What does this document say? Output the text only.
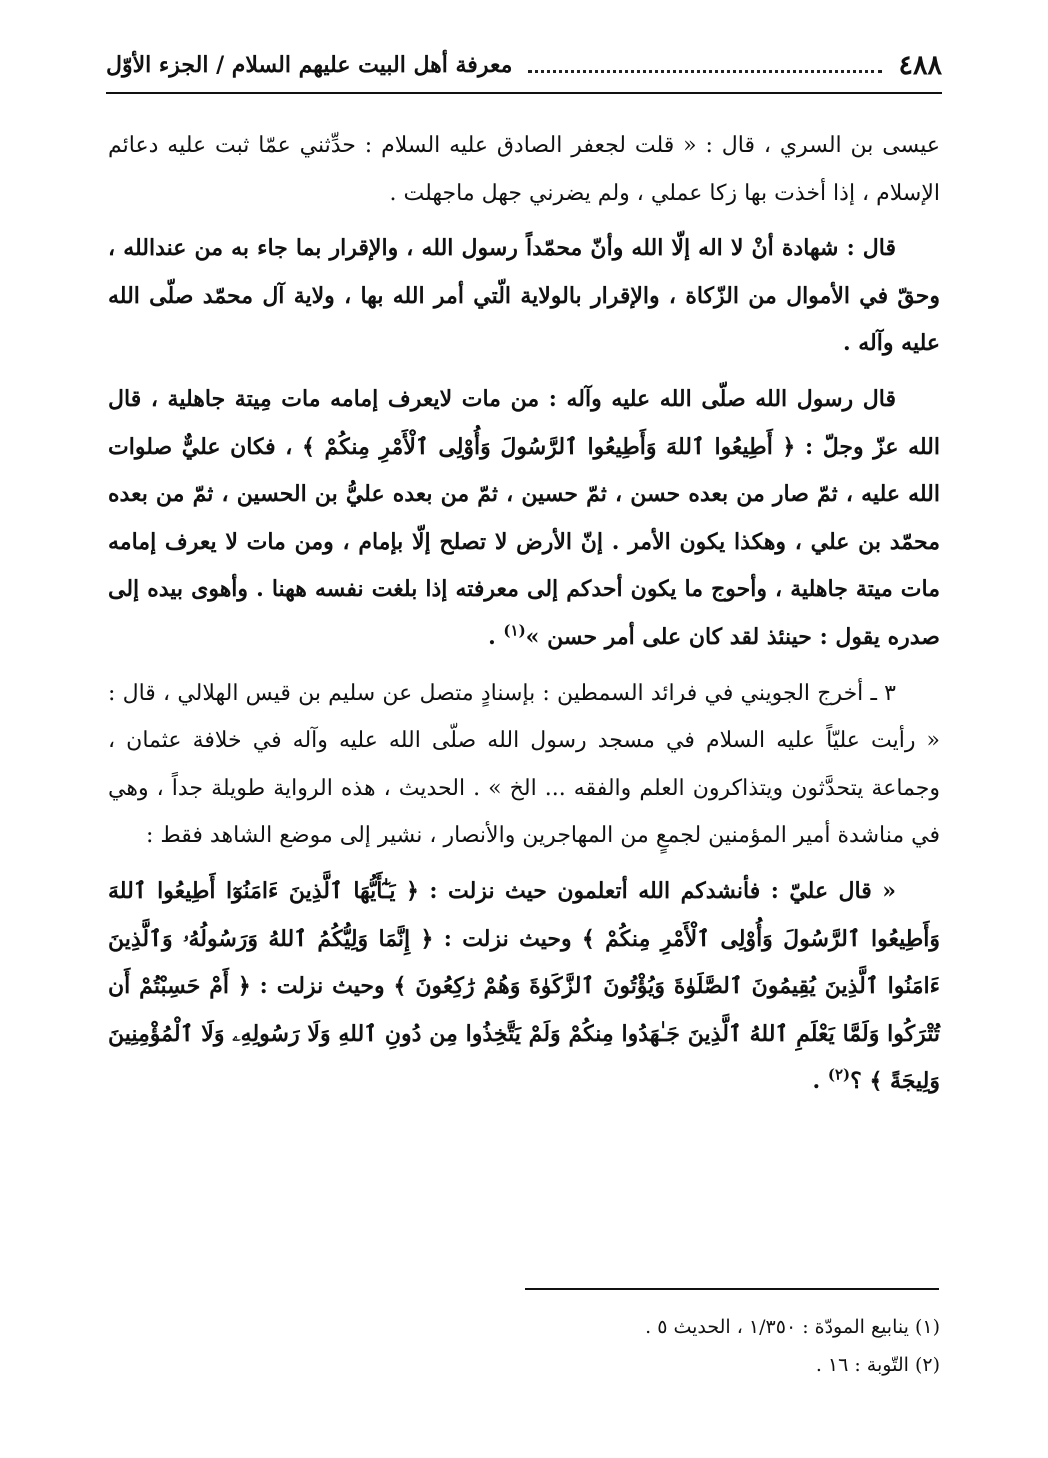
٤٨٨
معرفة أهل البيت عليهم السلام / الجزء الأوّل

عيسى بن السري ، قال : « قلت لجعفر الصادق عليه السلام : حدِّثني عمّا ثبت عليه دعائم الإسلام ، إذا أخذت بها زكا عملي ، ولم يضرني جهل ماجهلت .

قال : شهادة أنْ لا اله إلّا الله وأنّ محمّداً رسول الله ، والإقرار بما جاء به من عندالله ، وحقّ في الأموال من الزّكاة ، والإقرار بالولاية الّتي أمر الله بها ، ولاية آل محمّد صلّى الله عليه وآله .

قال رسول الله صلّى الله عليه وآله : من مات لايعرف إمامه مات مِيتة جاهلية ، قال الله عزّ وجلّ : ﴿ أَطِيعُوا ٱللهَ وَأَطِيعُوا ٱلرَّسُولَ وَأُوْلِى ٱلْأَمْرِ مِنكُمْ ﴾ ، فكان عليٌّ صلوات الله عليه ، ثمّ صار من بعده حسن ، ثمّ حسين ، ثمّ من بعده عليُّ بن الحسين ، ثمّ من بعده محمّد بن علي ، وهكذا يكون الأمر . إنّ الأرض لا تصلح إلّا بإمام ، ومن مات لا يعرف إمامه مات ميتة جاهلية ، وأحوج ما يكون أحدكم إلى معرفته إذا بلغت نفسه ههنا . وأهوى بيده إلى صدره يقول : حينئذ لقد كان على أمر حسن »$^{(١)}$ .

٣ ـ أخرج الجويني في فرائد السمطين : بإسنادٍ متصل عن سليم بن قيس الهلالي ، قال : « رأيت عليّاً عليه السلام في مسجد رسول الله صلّى الله عليه وآله في خلافة عثمان ، وجماعة يتحدَّثون ويتذاكرون العلم والفقه ... الخ » . الحديث ، هذه الرواية طويلة جداً ، وهي في مناشدة أمير المؤمنين لجمعٍ من المهاجرين والأنصار ، نشير إلى موضع الشاهد فقط :

« قال عليّ : فأنشدكم الله أتعلمون حيث نزلت : ﴿ يَـٰٓأَيُّهَا ٱلَّذِينَ ءَامَنُوٓا أَطِيعُوا ٱللهَ وَأَطِيعُوا ٱلرَّسُولَ وَأُوْلِى ٱلْأَمْرِ مِنكُمْ ﴾ وحيث نزلت : ﴿ إِنَّمَا وَلِيُّكُمُ ٱللهُ وَرَسُولُهُۥ وَٱلَّذِينَ ءَامَنُوا ٱلَّذِينَ يُقِيمُونَ ٱلصَّلَوٰةَ وَيُؤْتُونَ ٱلزَّكَوٰةَ وَهُمْ رَٰكِعُونَ ﴾ وحيث نزلت : ﴿ أَمْ حَسِبْتُمْ أَن تُتْرَكُوا وَلَمَّا يَعْلَمِ ٱللهُ ٱلَّذِينَ جَـٰهَدُوا مِنكُمْ وَلَمْ يَتَّخِذُوا مِن دُونِ ٱللهِ وَلَا رَسُولِهِۦ وَلَا ٱلْمُؤْمِنِينَ وَلِيجَةً ﴾ ؟$^{(٢)}$ .

(١) ينابيع المودّة : ١/٣٥٠ ، الحديث ٥ .

(٢) التّوبة : ١٦ .
